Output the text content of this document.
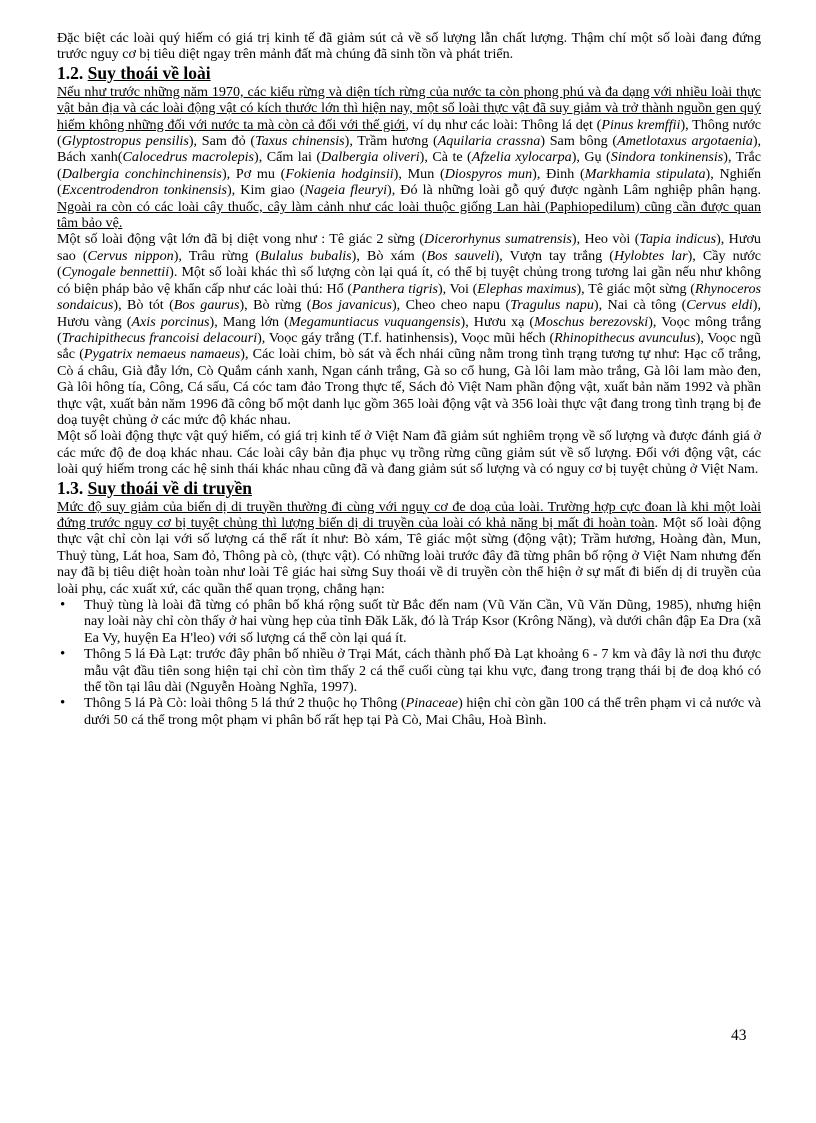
Đặc biệt các loài quý hiếm có giá trị kinh tế đã giảm sút cả về số lượng lẫn chất lượng. Thậm chí một số loài đang đứng trước nguy cơ bị tiêu diệt ngay trên mảnh đất mà chúng đã sinh tồn và phát triển.

1.2. Suy thoái về loài

Nếu như trước những năm 1970, các kiểu rừng và diện tích rừng của nước ta còn phong phú và đa dạng với nhiều loài thực vật bản địa và các loài động vật có kích thước lớn thì hiện nay, một số loài thực vật đã suy giảm và trở thành nguồn gen quý hiếm không những đối với nước ta mà còn cả đối với thế giới, ví dụ như các loài: Thông lá dẹt (Pinus kremffii), Thông nước (Glyptostropus pensilis), Sam đỏ (Taxus chinensis), Trầm hương (Aquilaria crassna) Sam bông (Ametlotaxus argotaenia), Bách xanh(Calocedrus macrolepis), Cẩm lai (Dalbergia oliveri), Cà te (Afzelia xylocarpa), Gụ (Sindora tonkinensis), Trắc (Dalbergia conchinchinensis), Pơ mu (Fokienia hodginsii), Mun (Diospyros mun), Đinh (Markhamia stipulata), Nghiến (Excentrodendron tonkinensis), Kim giao (Nageia fleuryi), Đó là những loài gỗ quý được ngành Lâm nghiệp phân hạng. Ngoài ra còn có các loài cây thuốc, cây làm cảnh như các loài thuộc giống Lan hài (Paphiopedilum) cũng cần được quan tâm bảo vệ.

Một số loài động vật lớn đã bị diệt vong như : Tê giác 2 sừng (Dicerorhynus sumatrensis), Heo vòi (Tapia indicus), Hươu sao (Cervus nippon), Trâu rừng (Bulalus bubalis), Bò xám (Bos sauveli), Vượn tay trắng (Hylobtes lar), Cầy nước (Cynogale bennettii). Một số loài khác thì số lượng còn lại quá ít, có thể bị tuyệt chủng trong tương lai gần nếu như không có biện pháp bảo vệ khẩn cấp như các loài thú: Hổ (Panthera tigris), Voi (Elephas maximus), Tê giác một sừng (Rhynoceros sondaicus), Bò tót (Bos gaurus), Bò rừng (Bos javanicus), Cheo cheo napu (Tragulus napu), Nai cà tông (Cervus eldi), Hươu vàng (Axis porcinus), Mang lớn (Megamuntiacus vuquangensis), Hươu xạ (Moschus berezovski), Voọc mông trắng (Trachipithecus francoisi delacouri), Voọc gáy trắng (T.f. hatinhensis), Voọc mũi hếch (Rhinopithecus avunculus), Voọc ngũ sắc (Pygatrix nemaeus namaeus), Các loài chim, bò sát và ếch nhái cũng nằm trong tình trạng tương tự như: Hạc cổ trắng, Cò á châu, Già đẫy lớn, Cò Quắm cánh xanh, Ngan cánh trắng, Gà so cổ hung, Gà lôi lam mào trắng, Gà lôi lam mào đen, Gà lôi hông tía, Công, Cá sấu, Cá cóc tam đảo Trong thực tế, Sách đỏ Việt Nam phần động vật, xuất bản năm 1992 và phần thực vật, xuất bản năm 1996 đã công bố một danh lục gồm 365 loài động vật và 356 loài thực vật đang trong tình trạng bị đe doạ tuyệt chủng ở các mức độ khác nhau.

Một số loài động thực vật quý hiếm, có giá trị kinh tế ở Việt Nam đã giảm sút nghiêm trọng về số lượng và được đánh giá ở các mức độ đe doạ khác nhau. Các loài cây bản địa phục vụ trồng rừng cũng giảm sút về số lượng. Đối với động vật, các loài quý hiếm trong các hệ sinh thái khác nhau cũng đã và đang giảm sút số lượng và có nguy cơ bị tuyệt chủng ở Việt Nam.

1.3. Suy thoái về di truyền

Mức độ suy giảm của biến dị di truyền thường đi cùng với nguy cơ đe doạ của loài. Trường hợp cực đoan là khi một loài đứng trước nguy cơ bị tuyệt chủng thì lượng biến dị di truyền của loài có khả năng bị mất đi hoàn toàn. Một số loài động thực vật chỉ còn lại với số lượng cá thể rất ít như: Bò xám, Tê giác một sừng (động vật); Trầm hương, Hoàng đàn, Mun, Thuỷ tùng, Lát hoa, Sam đỏ, Thông pà cò, (thực vật). Có những loài trước đây đã từng phân bố rộng ở Việt Nam nhưng đến nay đã bị tiêu diệt hoàn toàn như loài Tê giác hai sừng Suy thoái về di truyền còn thể hiện ở sự mất đi biến dị di truyền của loài phụ, các xuất xứ, các quần thể quan trọng, chẳng hạn:

• Thuỷ tùng là loài đã từng có phân bố khá rộng suốt từ Bắc đến nam (Vũ Văn Cần, Vũ Văn Dũng, 1985), nhưng hiện nay loài này chỉ còn thấy ở hai vùng hẹp của tỉnh Đăk Lăk, đó là Tráp Ksor (Krông Năng), và dưới chân đập Ea Dra (xã Ea Vy, huyện Ea H'leo) với số lượng cá thể còn lại quá ít.
• Thông 5 lá Đà Lạt: trước đây phân bố nhiều ở Trại Mát, cách thành phố Đà Lạt khoảng 6 - 7 km và đây là nơi thu được mẫu vật đầu tiên song hiện tại chỉ còn tìm thấy 2 cá thể cuối cùng tại khu vực, đang trong trạng thái bị đe doạ khó có thể tồn tại lâu dài (Nguyễn Hoàng Nghĩa, 1997).
• Thông 5 lá Pà Cò: loài thông 5 lá thứ 2 thuộc họ Thông (Pinaceae) hiện chỉ còn gần 100 cá thể trên phạm vi cả nước và dưới 50 cá thể trong một phạm vi phân bố rất hẹp tại Pà Cò, Mai Châu, Hoà Bình.
43
